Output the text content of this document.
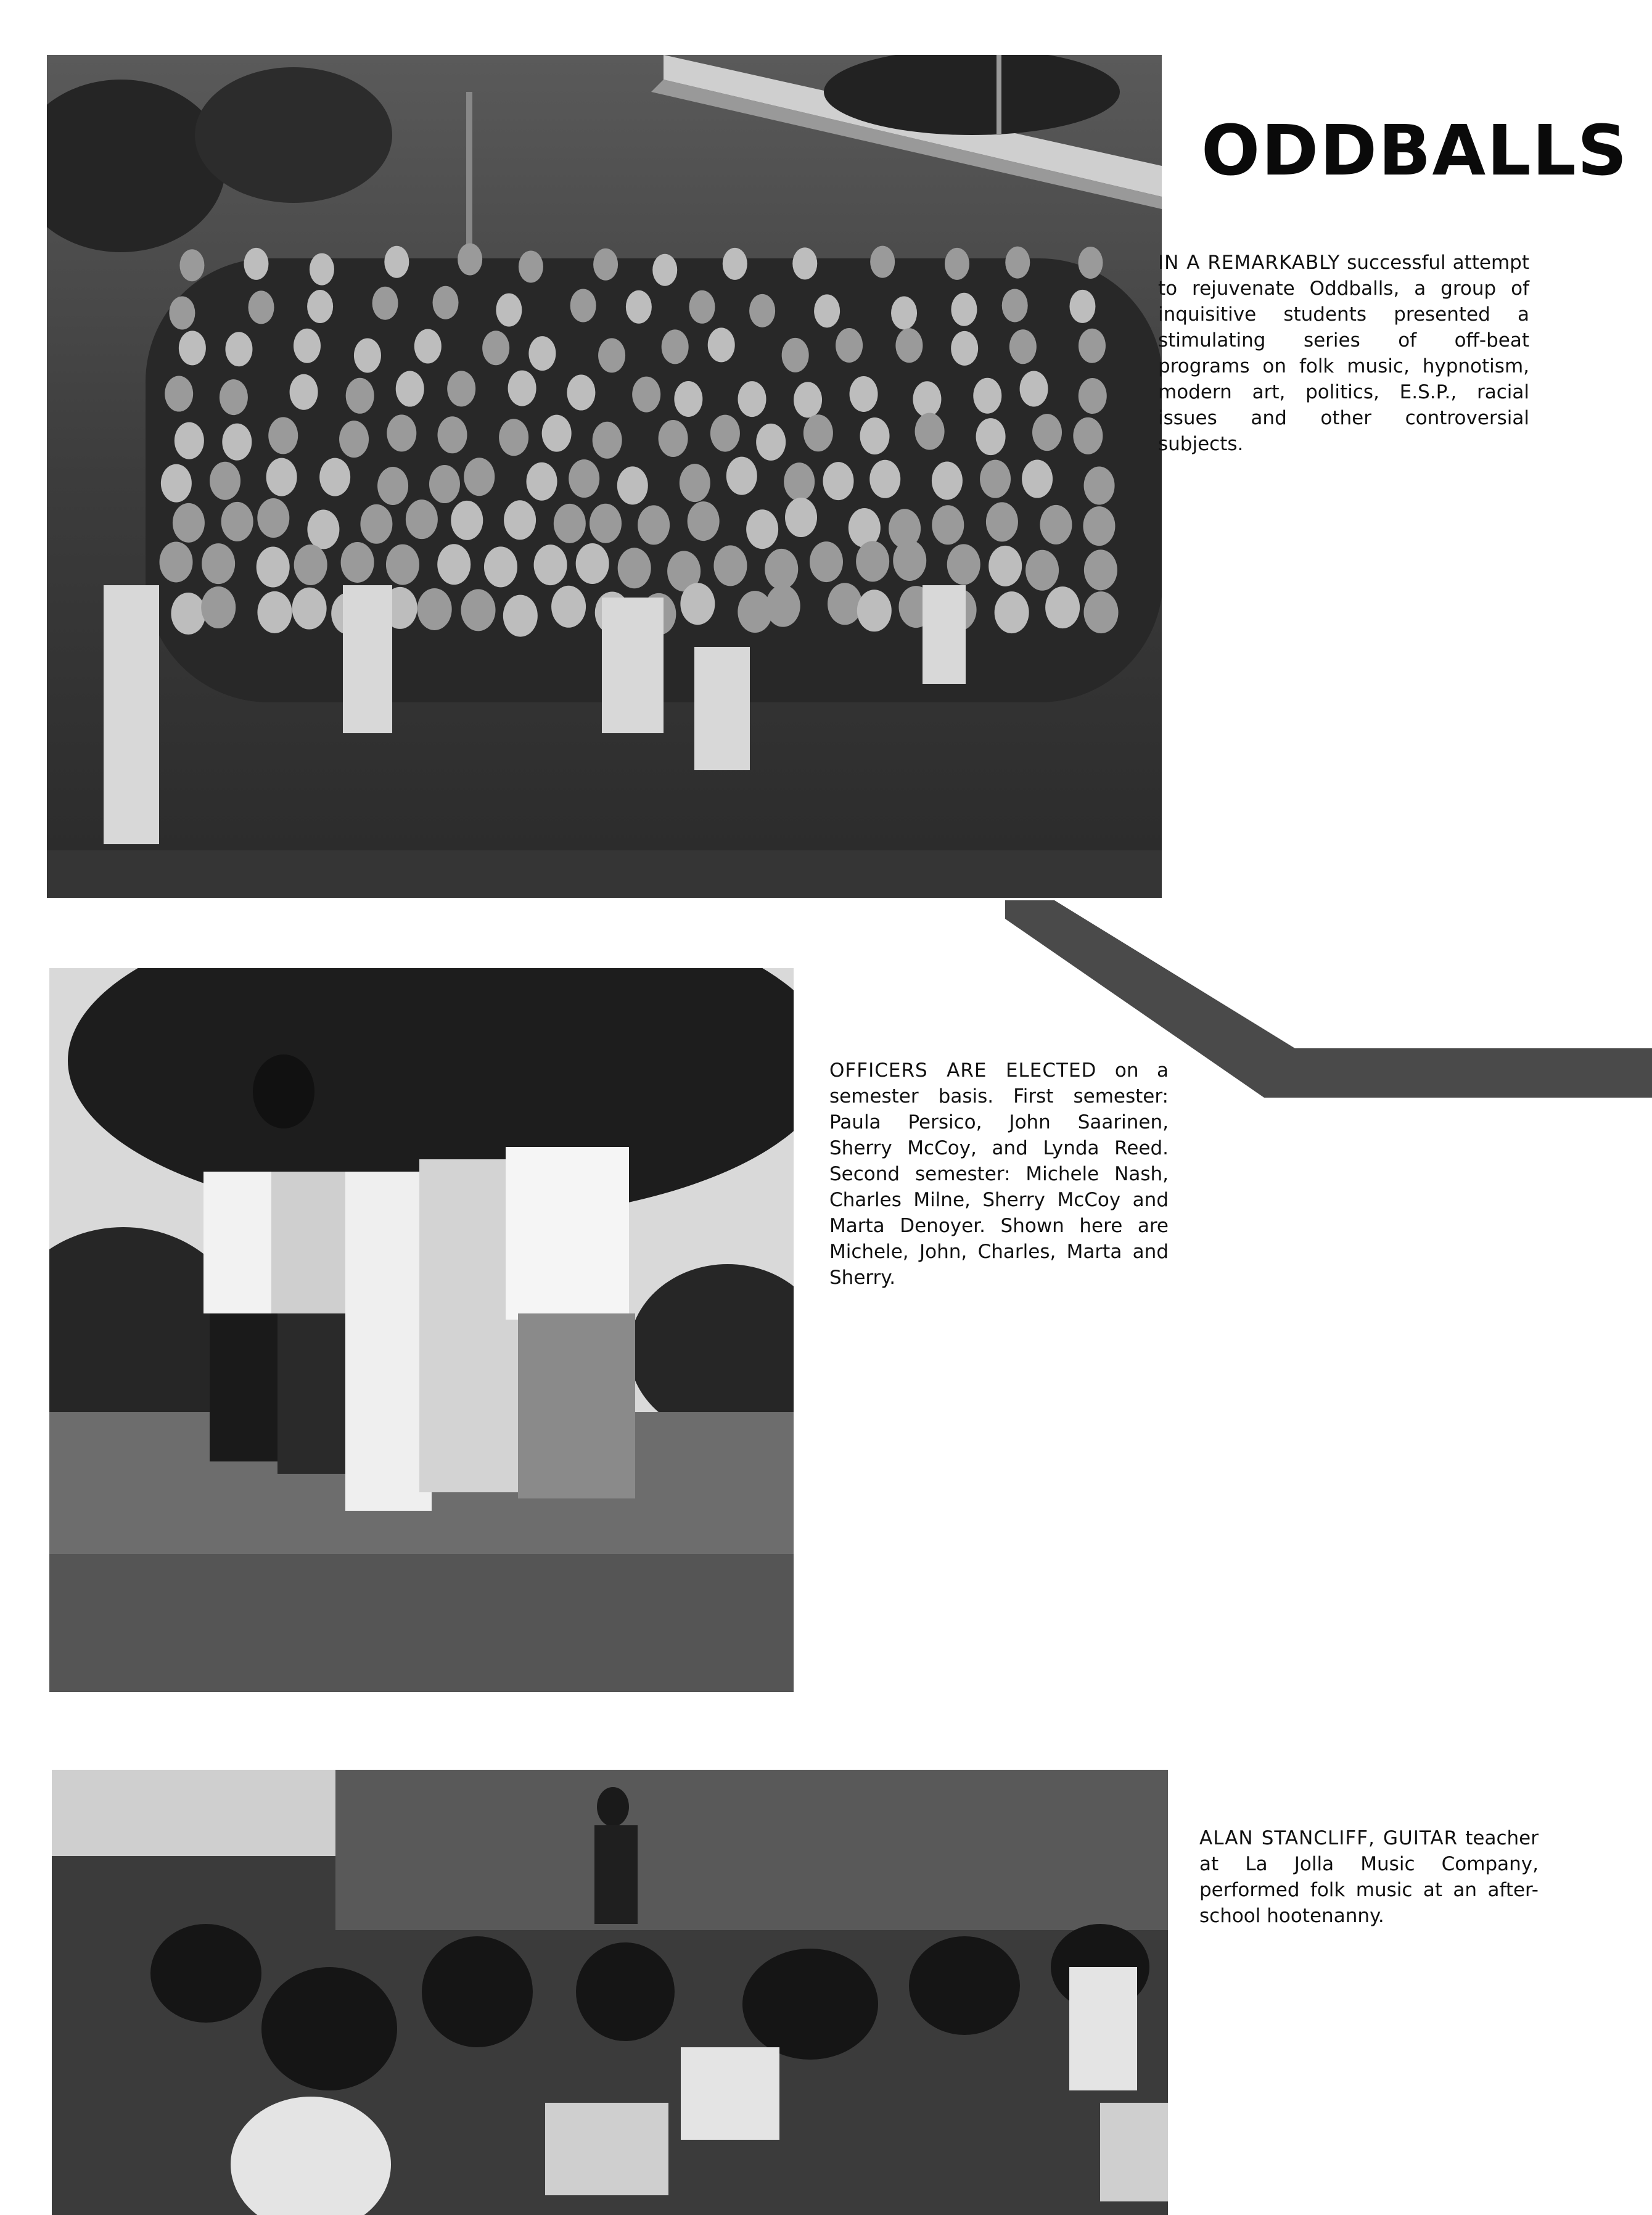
ODDBALLS
IN A REMARKABLY successful attempt to rejuvenate Oddballs, a group of inquisitive students presented a stimulating series of off-beat programs on folk music, hypnotism, modern art, politics, E.S.P., racial issues and other controversial subjects.
OFFICERS ARE ELECTED on a semester basis. First semester: Paula Persico, John Saarinen, Sherry McCoy, and Lynda Reed. Second semester: Michele Nash, Charles Milne, Sherry McCoy and Marta Denoyer. Shown here are Michele, John, Charles, Marta and Sherry.
ALAN STANCLIFF, GUITAR teacher at La Jolla Music Company, performed folk music at an after-school hootenanny.
